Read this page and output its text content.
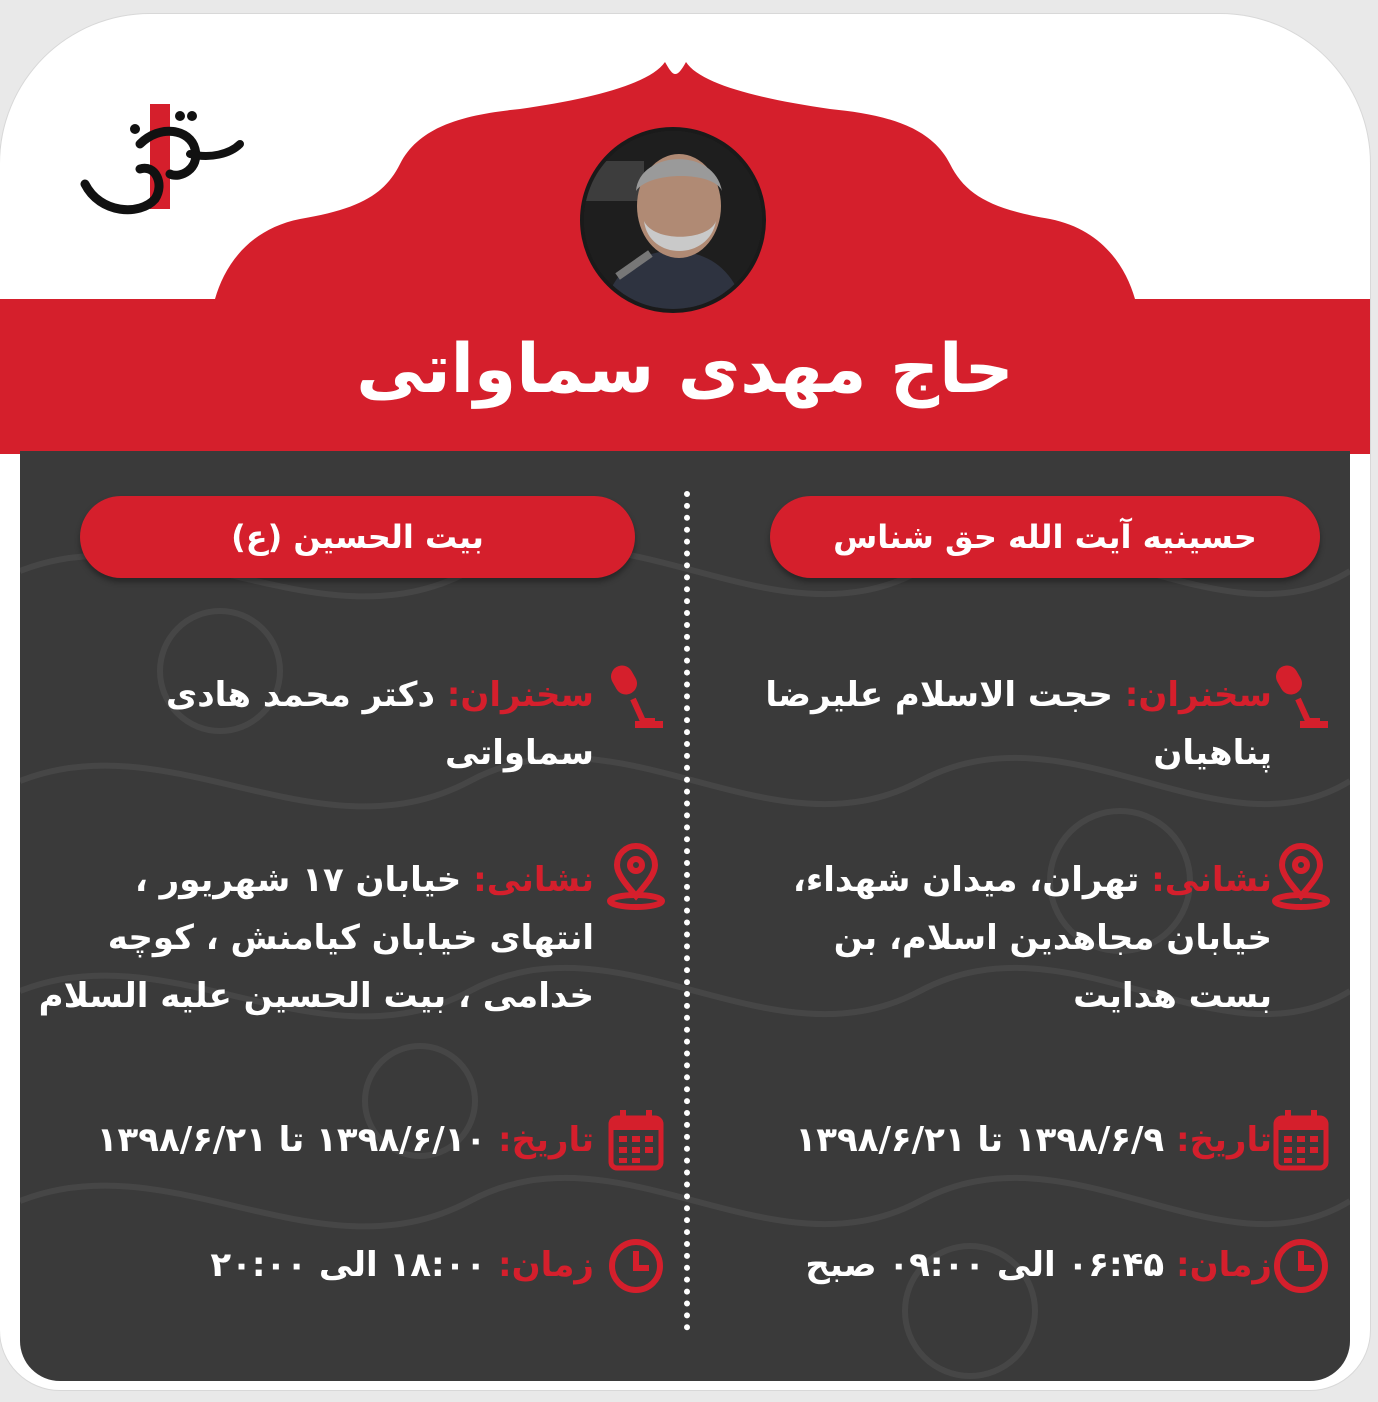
حاج مهدی سماواتی
حسینیه آیت الله حق شناس
سخنران: حجت الاسلام علیرضا پناهیان
نشانی: تهران، میدان شهداء، خیابان مجاهدین اسلام، بن بست هدایت
تاریخ: ۱۳۹۸/۶/۹ تا ۱۳۹۸/۶/۲۱
زمان: ۰۶:۴۵ الی ۰۹:۰۰ صبح
بیت الحسین (ع)
سخنران: دکتر محمد هادی سماواتی
نشانی: خیابان ۱۷ شهریور ، انتهای خیابان کیامنش ، کوچه خدامی ، بیت الحسین علیه السلام
تاریخ: ۱۳۹۸/۶/۱۰ تا ۱۳۹۸/۶/۲۱
زمان: ۱۸:۰۰ الی ۲۰:۰۰
